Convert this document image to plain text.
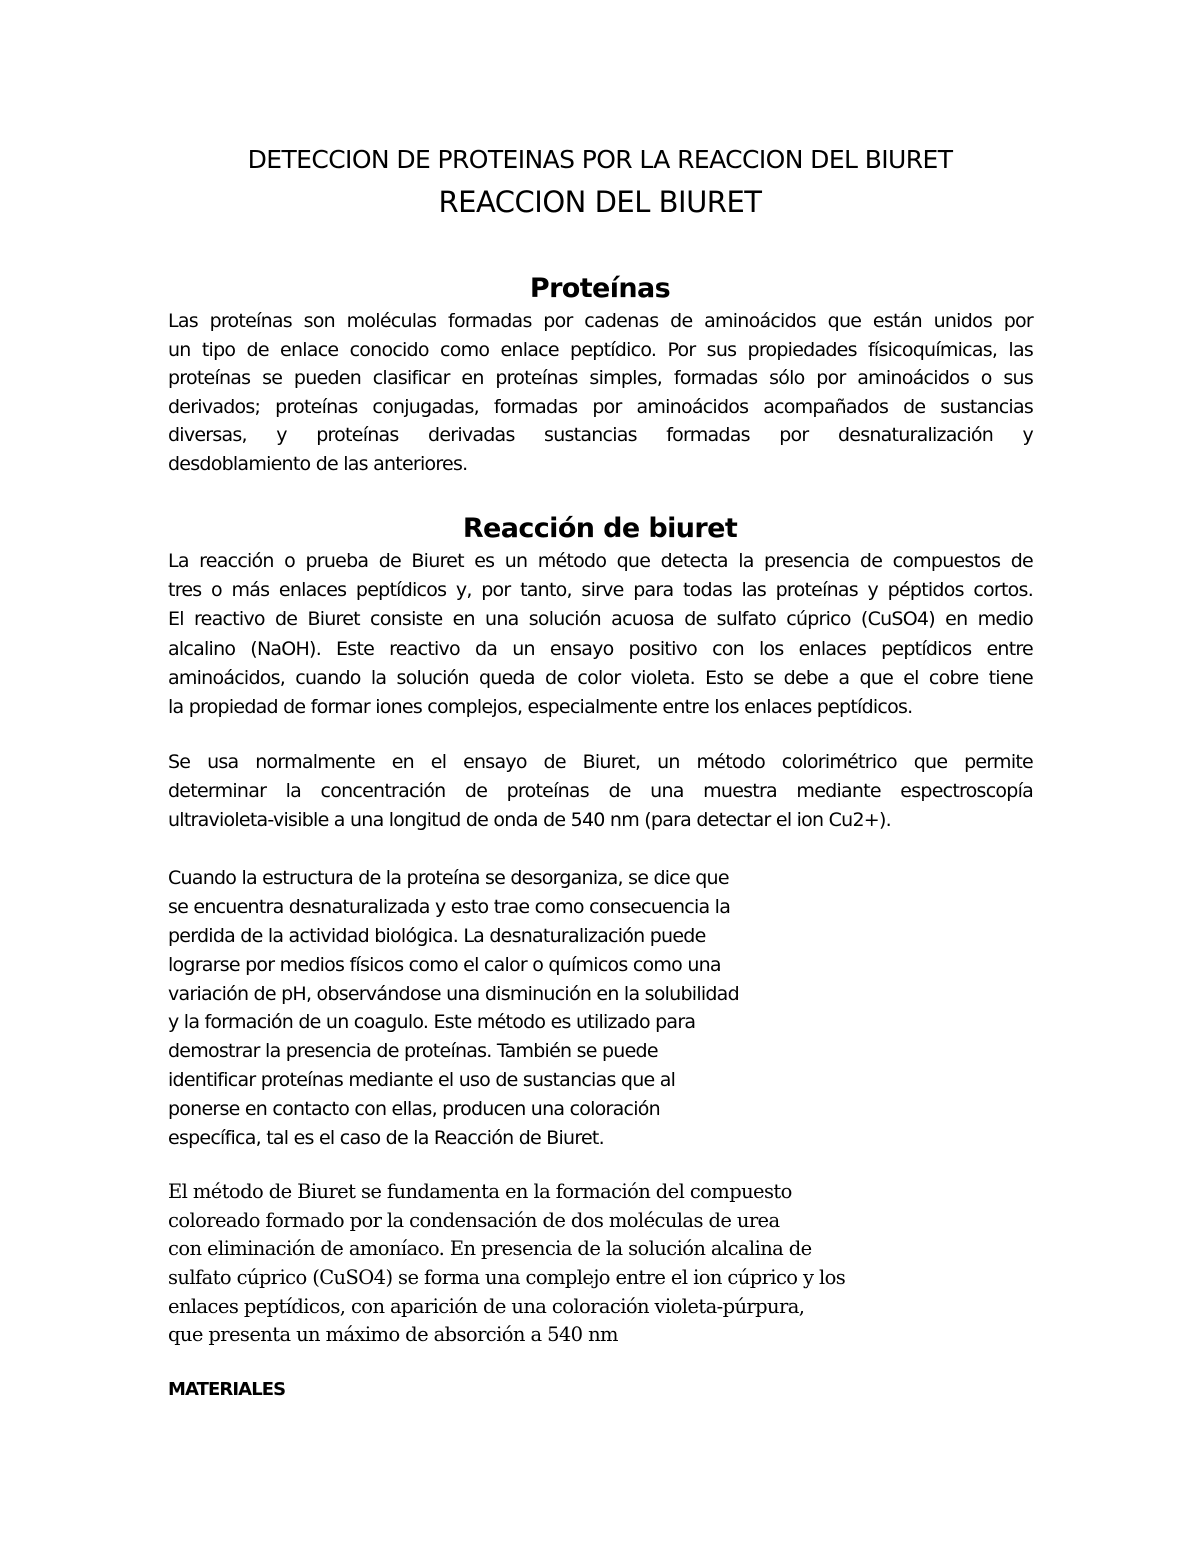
DETECCION DE PROTEINAS POR LA REACCION DEL BIURET
REACCION DEL BIURET
Proteínas
Las proteínas son moléculas formadas por cadenas de aminoácidos que están unidos por
un tipo de enlace conocido como enlace peptídico. Por sus propiedades físicoquímicas, las
proteínas se pueden clasificar en proteínas simples, formadas sólo por aminoácidos o sus
derivados; proteínas conjugadas, formadas por aminoácidos acompañados de sustancias
diversas, y proteínas derivadas sustancias formadas por desnaturalización y
desdoblamiento de las anteriores.
Reacción de biuret
La reacción o prueba de Biuret es un método que detecta la presencia de compuestos de
tres o más enlaces peptídicos y, por tanto, sirve para todas las proteínas y péptidos cortos.
El reactivo de Biuret consiste en una solución acuosa de sulfato cúprico (CuSO4) en medio
alcalino (NaOH). Este reactivo da un ensayo positivo con los enlaces peptídicos entre
aminoácidos, cuando la solución queda de color violeta. Esto se debe a que el cobre tiene
la propiedad de formar iones complejos, especialmente entre los enlaces peptídicos.
Se usa normalmente en el ensayo de Biuret, un método colorimétrico que permite
determinar la concentración de proteínas de una muestra mediante espectroscopía
ultravioleta-visible a una longitud de onda de 540 nm (para detectar el ion Cu2+).
Cuando la estructura de la proteína se desorganiza, se dice que
se encuentra desnaturalizada y esto trae como consecuencia la
perdida de la actividad biológica. La desnaturalización puede
lograrse por medios físicos como el calor o químicos como una
variación de pH, observándose una disminución en la solubilidad
y la formación de un coagulo. Este método es utilizado para
demostrar la presencia de proteínas. También se puede
identificar proteínas mediante el uso de sustancias que al
ponerse en contacto con ellas, producen una coloración
específica, tal es el caso de la Reacción de Biuret.
El método de Biuret se fundamenta en la formación del compuesto
coloreado formado por la condensación de dos moléculas de urea
con eliminación de amoníaco. En presencia de la solución alcalina de
sulfato cúprico (CuSO4) se forma una complejo entre el ion cúprico y los
enlaces peptídicos, con aparición de una coloración violeta-púrpura,
que presenta un máximo de absorción a 540 nm
MATERIALES
